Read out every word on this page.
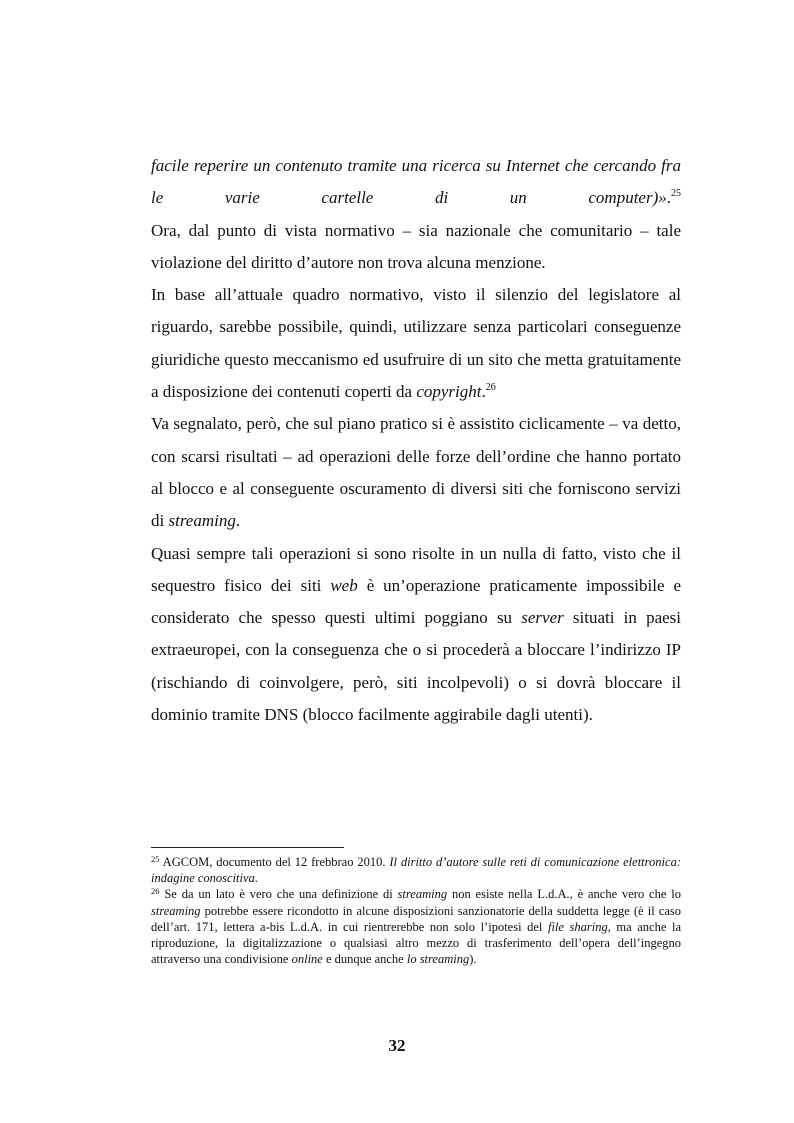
facile reperire un contenuto tramite una ricerca su Internet che cercando fra le varie cartelle di un computer)».$^{25}$

Ora, dal punto di vista normativo – sia nazionale che comunitario – tale violazione del diritto d’autore non trova alcuna menzione.

In base all’attuale quadro normativo, visto il silenzio del legislatore al riguardo, sarebbe possibile, quindi, utilizzare senza particolari conseguenze giuridiche questo meccanismo ed usufruire di un sito che metta gratuitamente a disposizione dei contenuti coperti da copyright.$^{26}$

Va segnalato, però, che sul piano pratico si è assistito ciclicamente – va detto, con scarsi risultati – ad operazioni delle forze dell’ordine che hanno portato al blocco e al conseguente oscuramento di diversi siti che forniscono servizi di streaming.

Quasi sempre tali operazioni si sono risolte in un nulla di fatto, visto che il sequestro fisico dei siti web è un’operazione praticamente impossibile e considerato che spesso questi ultimi poggiano su server situati in paesi extraeuropei, con la conseguenza che o si procederà a bloccare l’indirizzo IP (rischiando di coinvolgere, però, siti incolpevoli) o si dovrà bloccare il dominio tramite DNS (blocco facilmente aggirabile dagli utenti).

$^{25}$ AGCOM, documento del 12 frebbrao 2010. Il diritto d’autore sulle reti di comunicazione elettronica: indagine conoscitiva.

$^{26}$ Se da un lato è vero che una definizione di streaming non esiste nella L.d.A., è anche vero che lo streaming potrebbe essere ricondotto in alcune disposizioni sanzionatorie della suddetta legge (è il caso dell’art. 171, lettera a-bis L.d.A. in cui rientrerebbe non solo l’ipotesi del file sharing, ma anche la riproduzione, la digitalizzazione o qualsiasi altro mezzo di trasferimento dell’opera dell’ingegno attraverso una condivisione online e dunque anche lo streaming).

32
